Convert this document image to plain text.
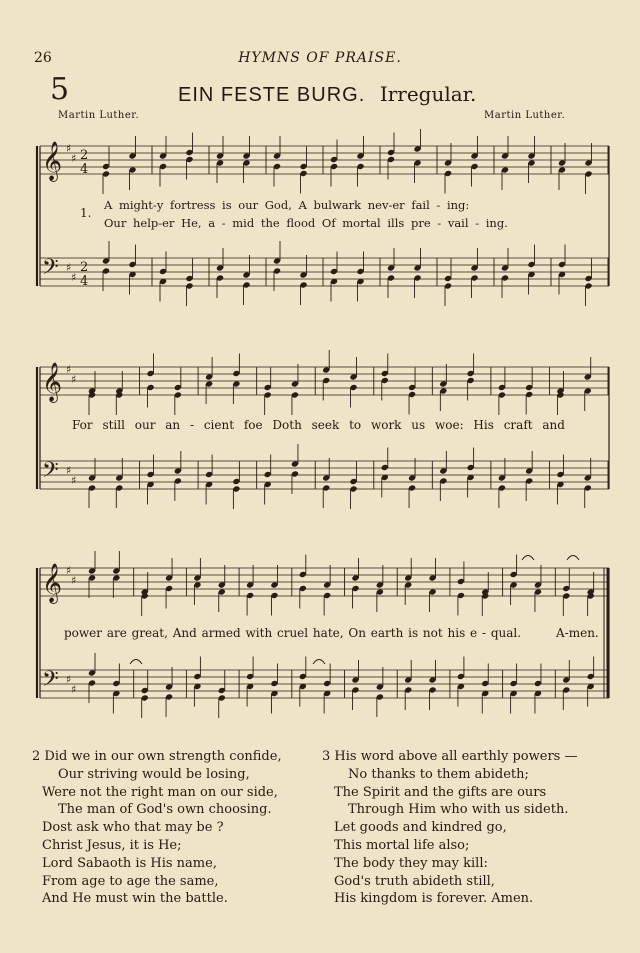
26	HYMNS OF PRAISE.
5	EIN FESTE BURG. Irregular.
Martin Luther.	Martin Luther.
𝄞
𝄢
♯
♯
♯
♯
2
4
2
4
𝄞
𝄢
♯
♯
♯
♯
𝄞
𝄢
♯
♯
♯
♯
1.
A might-y fortress is our God, A bulwark nev-er fail - ing:
Our help-er He, a - mid the flood Of mortal ills pre - vail - ing.
For still our an - cient foe Doth seek to work us woe: His craft and
power are great, And armed with cruel hate, On earth is not his e - qual.	A-men.
2 Did we in our own strength confide,
Our striving would be losing,
Were not the right man on our side,
The man of God's own choosing.
Dost ask who that may be ?
Christ Jesus, it is He;
Lord Sabaoth is His name,
From age to age the same,
And He must win the battle.
3 His word above all earthly powers —
No thanks to them abideth;
The Spirit and the gifts are ours
Through Him who with us sideth.
Let goods and kindred go,
This mortal life also;
The body they may kill:
God's truth abideth still,
His kingdom is forever. Amen.
